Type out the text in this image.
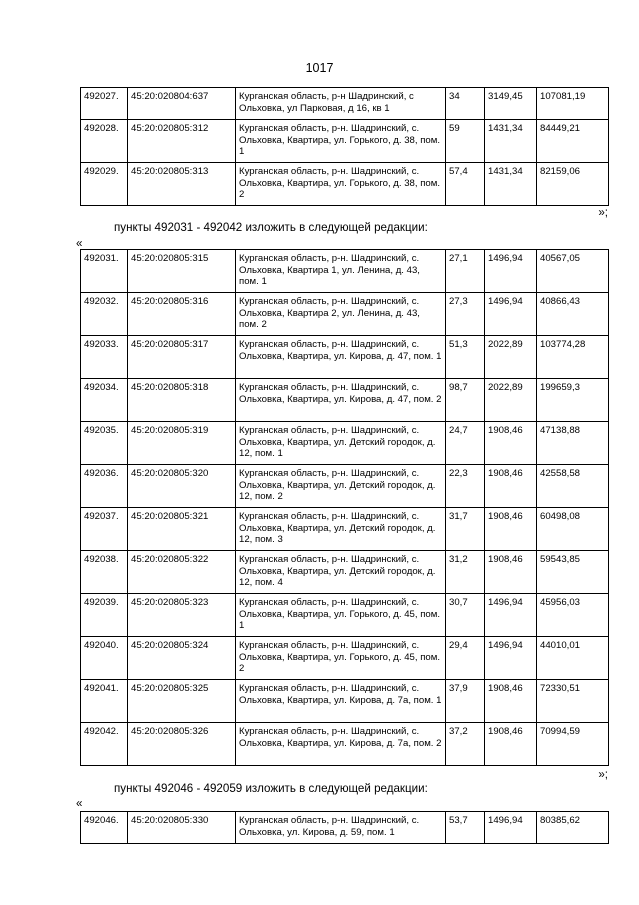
1017
492027.	45:20:020804:637	Курганская область, р-н Шадринский, с Ольховка, ул Парковая, д 16, кв 1	34	3149,45	107081,19
492028.	45:20:020805:312	Курганская область, р-н. Шадринский, с. Ольховка, Квартира, ул. Горького, д. 38, пом. 1	59	1431,34	84449,21
492029.	45:20:020805:313	Курганская область, р-н. Шадринский, с. Ольховка, Квартира, ул. Горького, д. 38, пом. 2	57,4	1431,34	82159,06
»;
пункты 492031 - 492042 изложить в следующей редакции:
«
492031.	45:20:020805:315	Курганская область, р-н. Шадринский, с. Ольховка, Квартира 1, ул. Ленина, д. 43, пом. 1	27,1	1496,94	40567,05
492032.	45:20:020805:316	Курганская область, р-н. Шадринский, с. Ольховка, Квартира 2, ул. Ленина, д. 43, пом. 2	27,3	1496,94	40866,43
492033.	45:20:020805:317	Курганская область, р-н. Шадринский, с. Ольховка, Квартира, ул. Кирова, д. 47, пом. 1	51,3	2022,89	103774,28
492034.	45:20:020805:318	Курганская область, р-н. Шадринский, с. Ольховка, Квартира, ул. Кирова, д. 47, пом. 2	98,7	2022,89	199659,3
492035.	45:20:020805:319	Курганская область, р-н. Шадринский, с. Ольховка, Квартира, ул. Детский городок, д. 12, пом. 1	24,7	1908,46	47138,88
492036.	45:20:020805:320	Курганская область, р-н. Шадринский, с. Ольховка, Квартира, ул. Детский городок, д. 12, пом. 2	22,3	1908,46	42558,58
492037.	45:20:020805:321	Курганская область, р-н. Шадринский, с. Ольховка, Квартира, ул. Детский городок, д. 12, пом. 3	31,7	1908,46	60498,08
492038.	45:20:020805:322	Курганская область, р-н. Шадринский, с. Ольховка, Квартира, ул. Детский городок, д. 12, пом. 4	31,2	1908,46	59543,85
492039.	45:20:020805:323	Курганская область, р-н. Шадринский, с. Ольховка, Квартира, ул. Горького, д. 45, пом. 1	30,7	1496,94	45956,03
492040.	45:20:020805:324	Курганская область, р-н. Шадринский, с. Ольховка, Квартира, ул. Горького, д. 45, пом. 2	29,4	1496,94	44010,01
492041.	45:20:020805:325	Курганская область, р-н. Шадринский, с. Ольховка, Квартира, ул. Кирова, д. 7а, пом. 1	37,9	1908,46	72330,51
492042.	45:20:020805:326	Курганская область, р-н. Шадринский, с. Ольховка, Квартира, ул. Кирова, д. 7а, пом. 2	37,2	1908,46	70994,59
»;
пункты 492046 - 492059 изложить в следующей редакции:
«
492046.	45:20:020805:330	Курганская область, р-н. Шадринский, с. Ольховка, ул. Кирова, д. 59, пом. 1	53,7	1496,94	80385,62
